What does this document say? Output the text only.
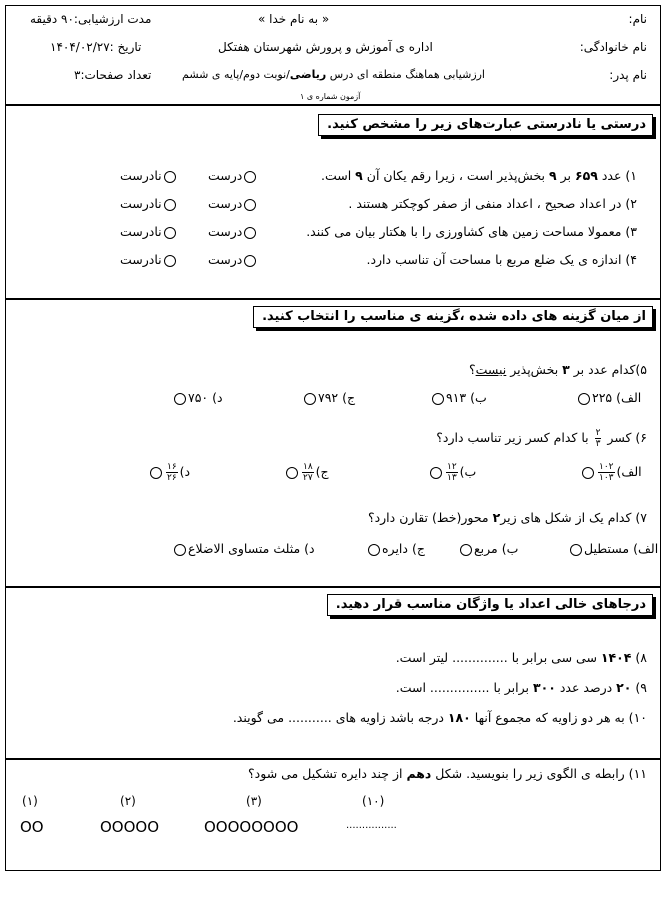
نام:
« به نام خدا »
مدت ارزشیابی:۹۰ دقیقه
نام خانوادگی:
اداره ی آموزش و پرورش شهرستان هفتکل
تاریخ :۱۴۰۴/۰۲/۲۷
نام پدر:
ارزشیابی هماهنگ منطقه ای درس ریاضی/نوبت دوم/پایه ی ششم
تعداد صفحات:۳
آزمون شماره ی ۱
درستی یا نادرستی عبارت‌های زیر را مشخص کنید.
۱) عدد ۶۵۹ بر ۹ بخش‌پذیر است ، زیرا رقم یکان آن ۹ است.
۲) در اعداد صحیح ، اعداد منفی از صفر کوچکتر هستند .
۳) معمولا مساحت زمین های کشاورزی را با هکتار بیان می کنند.
۴) اندازه ی یک ضلع مربع با مساحت آن تناسب دارد.
درست
نادرست
درست
نادرست
درست
نادرست
درست
نادرست
از میان گزینه های داده شده ،گزینه ی مناسب را انتخاب کنید.
۵)کدام عدد بر ۳ بخش‌پذیر نیست؟
الف) ۲۲۵
ب) ۹۱۳
ج) ۷۹۲
د) ۷۵۰
۶) کسر
$\frac{۲}{۳}$
با کدام کسر زیر تناسب دارد؟
الف)
$\frac{۱۰۲}{۱۰۳}$
ب)
$\frac{۱۲}{۱۳}$
ج)
$\frac{۱۸}{۲۷}$
د)
$\frac{۱۶}{۲۶}$
۷) کدام یک از شکل های زیر۲ محور(خط) تقارن دارد؟
الف) مستطیل
ب) مربع
ج) دایره
د) مثلث متساوی الاضلاع
درجاهای خالی اعداد یا واژگان مناسب قرار دهید.
۸) ۱۴۰۴ سی سی برابر با .............. لیتر است.
۹) ۲۰ درصد عدد ۳۰۰ برابر با ............... است.
۱۰) به هر دو زاویه که مجموع آنها ۱۸۰ درجه باشد زاویه های ........... می گویند.
۱۱) رابطه ی الگوی زیر را بنویسید. شکل دهم از چند دایره تشکیل می شود؟
(۱)	(۲)	(۳)	(۱۰)
OO	OOOOO	OOOOOOOO	................
